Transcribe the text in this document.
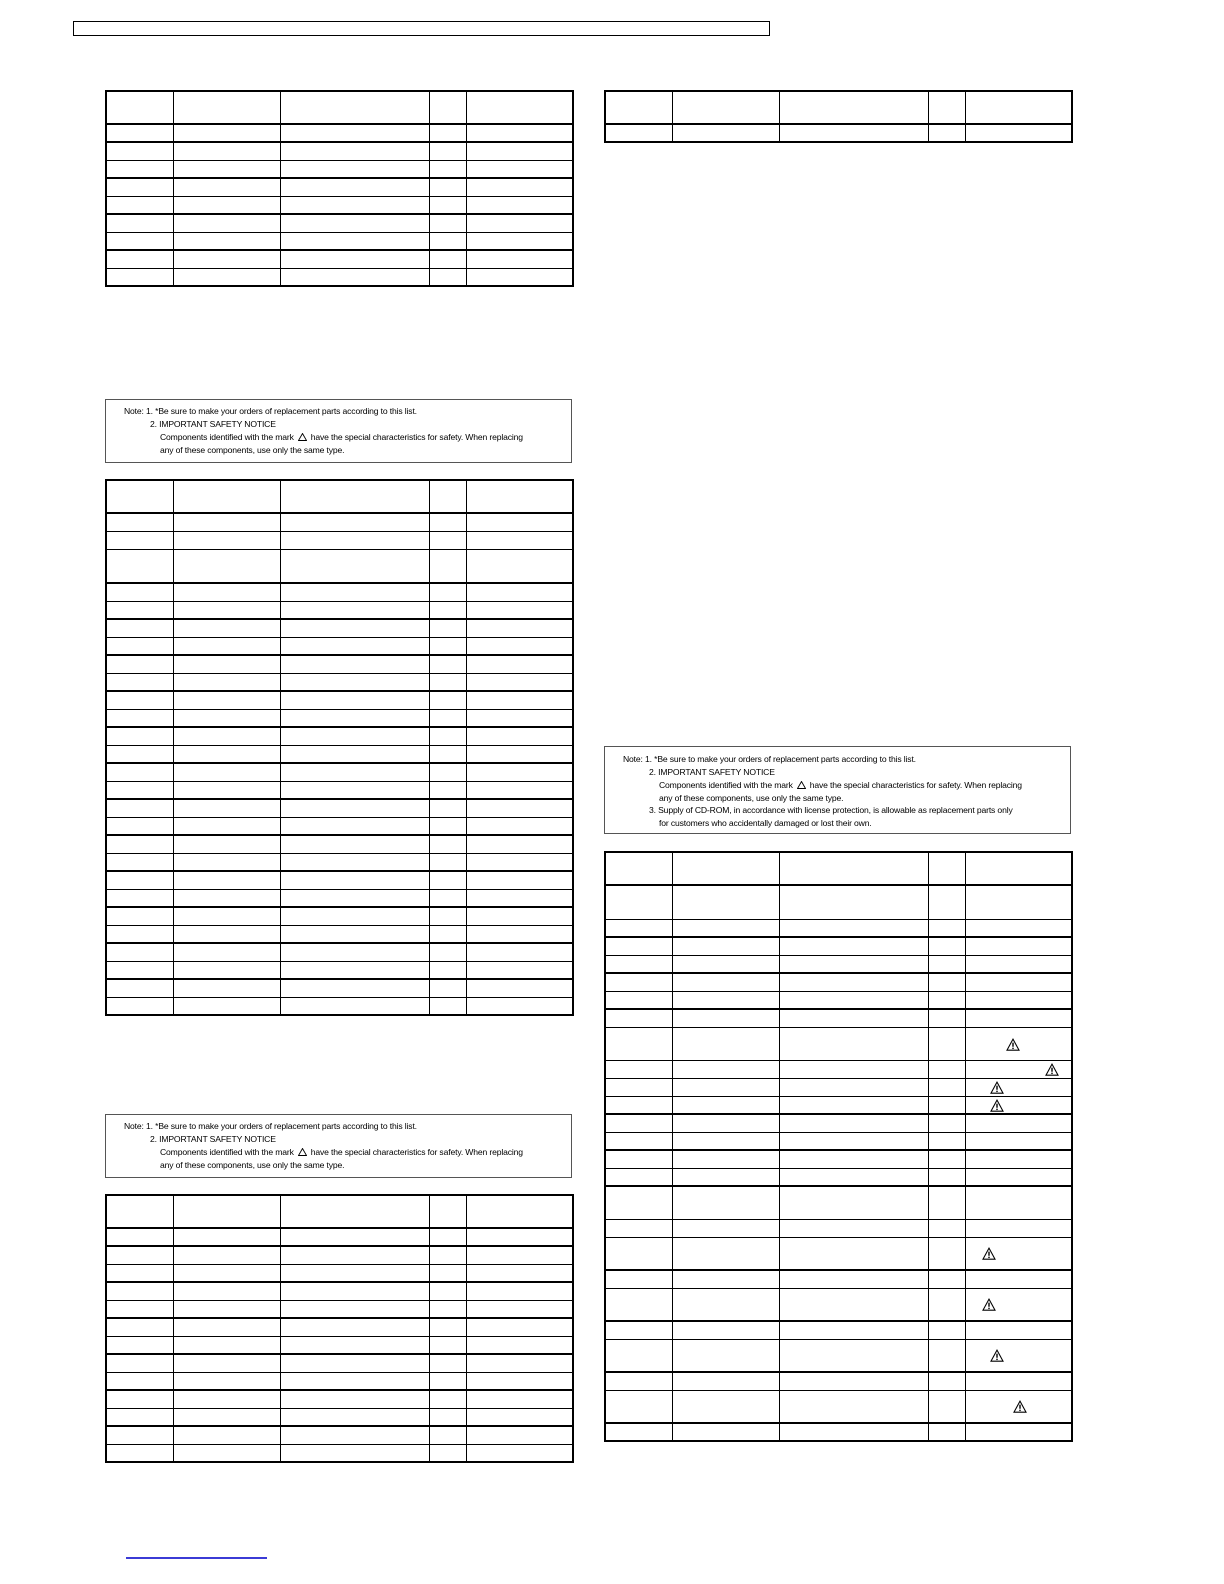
Note: 1. *Be sure to make your orders of replacement parts according to this list.
2. IMPORTANT SAFETY NOTICE
Components identified with the mark have the special characteristics for safety. When replacing
any of these components, use only the same type.

Note: 1. *Be sure to make your orders of replacement parts according to this list.
2. IMPORTANT SAFETY NOTICE
Components identified with the mark have the special characteristics for safety. When replacing
any of these components, use only the same type.

Note: 1. *Be sure to make your orders of replacement parts according to this list.
2. IMPORTANT SAFETY NOTICE
Components identified with the mark have the special characteristics for safety. When replacing
any of these components, use only the same type.
3. Supply of CD-ROM, in accordance with license protection, is allowable as replacement parts only
for customers who accidentally damaged or lost their own.
